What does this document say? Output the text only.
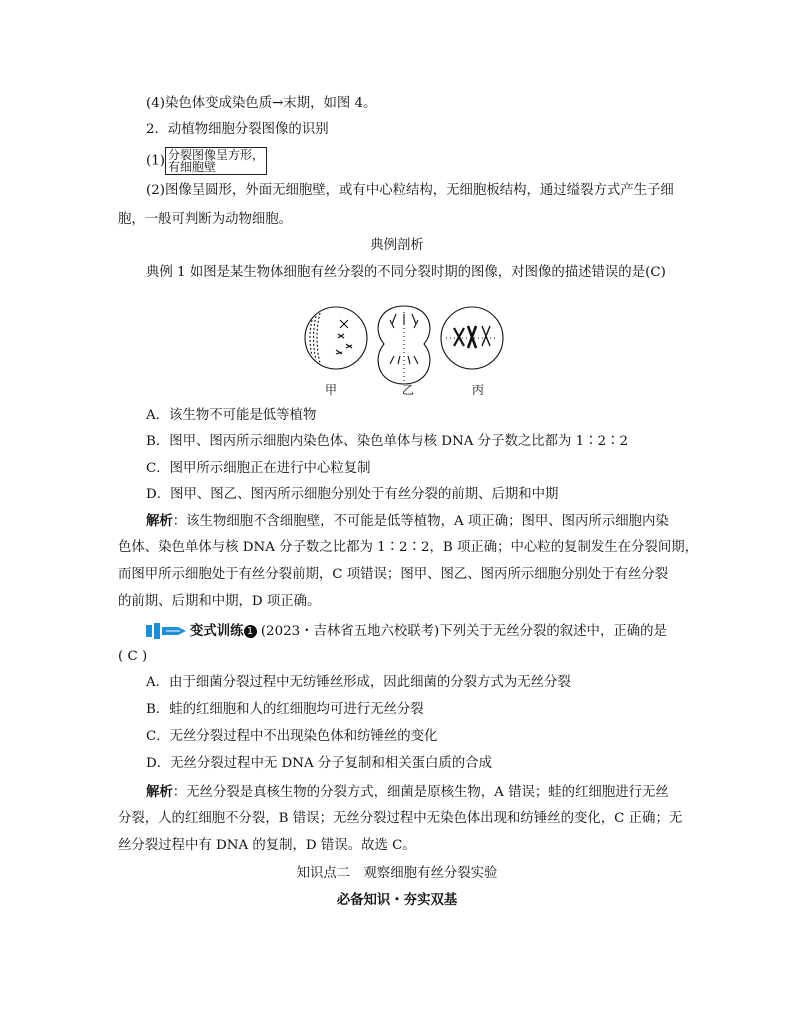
(4)染色体变成染色质→末期，如图 4。
2．动植物细胞分裂图像的识别
(1) 分裂图像呈方形，有细胞壁
(2)图像呈圆形，外面无细胞壁，或有中心粒结构，无细胞板结构，通过缢裂方式产生子细
胞，一般可判断为动物细胞。
典例剖析
典例 1 如图是某生物体细胞有丝分裂的不同分裂时期的图像，对图像的描述错误的是(C)
甲	乙	丙
A．该生物不可能是低等植物
B．图甲、图丙所示细胞内染色体、染色单体与核 DNA 分子数之比都为 1∶2∶2
C．图甲所示细胞正在进行中心粒复制
D．图甲、图乙、图丙所示细胞分别处于有丝分裂的前期、后期和中期
解析：该生物细胞不含细胞壁，不可能是低等植物，A 项正确；图甲、图丙所示细胞内染
色体、染色单体与核 DNA 分子数之比都为 1∶2∶2，B 项正确；中心粒的复制发生在分裂间期，
而图甲所示细胞处于有丝分裂前期，C 项错误；图甲、图乙、图丙所示细胞分别处于有丝分裂
的前期、后期和中期，D 项正确。
变式训练 1 (2023・吉林省五地六校联考)下列关于无丝分裂的叙述中，正确的是
( C )
A．由于细菌分裂过程中无纺锤丝形成，因此细菌的分裂方式为无丝分裂
B．蛙的红细胞和人的红细胞均可进行无丝分裂
C．无丝分裂过程中不出现染色体和纺锤丝的变化
D．无丝分裂过程中无 DNA 分子复制和相关蛋白质的合成
解析：无丝分裂是真核生物的分裂方式，细菌是原核生物，A 错误；蛙的红细胞进行无丝
分裂，人的红细胞不分裂，B 错误；无丝分裂过程中无染色体出现和纺锤丝的变化，C 正确；无
丝分裂过程中有 DNA 的复制，D 错误。故选 C。
知识点二　观察细胞有丝分裂实验
必备知识・夯实双基
